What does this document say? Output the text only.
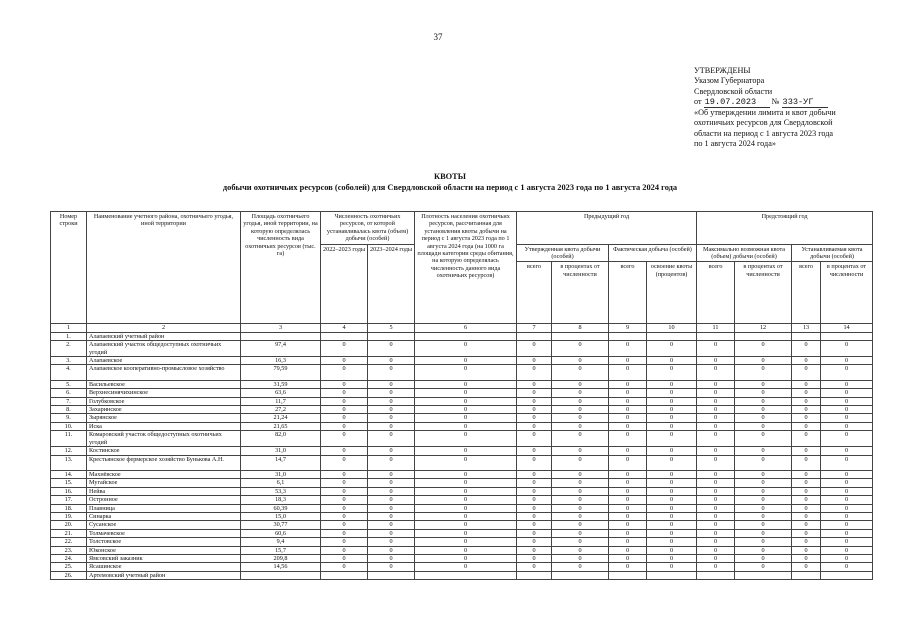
37
УТВЕРЖДЕНЫ
Указом Губернатора
Свердловской области
от 19.07.2023 № 333-УГ
«Об утверждении лимита и квот добычи
охотничьих ресурсов для Свердловской
области на период с 1 августа 2023 года
по 1 августа 2024 года»
КВОТЫ
добычи охотничьих ресурсов (соболей) для Свердловской области на период с 1 августа 2023 года по 1 августа 2024 года
Номер строки	Наименование учетного района, охотничьего угодья, иной территории	Площадь охотничьего угодья, иной территории, на которую определялась численность вида охотничьих ресурсов (тыс. га)	Численность охотничьих ресурсов, от которой устанавливалась квота (объем) добычи (особей)		Плотность населения охотничьих ресурсов, рассчитанная для установления квоты добычи на период с 1 августа 2023 года по 1 августа 2024 года (на 1000 га площади категории среды обитания, на которую определялась численность данного вида охотничьих ресурсов)	Предыдущий год				Предстоящий год			
			2022–2023 годы	2023–2024 годы		Утвержденная квота добычи (особей)		Фактическая добыча (особей)		Максимально возможная квота (объем) добычи (особей)		Устанавливаемая квота добычи (особей)	
						всего	в процентах от численности	всего	освоение квоты (процентов)	всего	в процентах от численности	всего	в процентах от численности
1	2	3	4	5	6	7	8	9	10	11	12	13	14
1.	Алапаевский учетный район												
2.	Алапаевский участок общедоступных охотничьих угодий	97,4	0	0	0	0	0	0	0	0	0	0	0
3.	Алапаевское	16,3	0	0	0	0	0	0	0	0	0	0	0
4.	Алапаевское кооперативно-промысловое хозяйство	79,59	0	0	0	0	0	0	0	0	0	0	0
5.	Васильевское	31,59	0	0	0	0	0	0	0	0	0	0	0
6.	Верхнесинячихинское	63,6	0	0	0	0	0	0	0	0	0	0	0
7.	Голубковское	11,7	0	0	0	0	0	0	0	0	0	0	0
8.	Захаринское	27,2	0	0	0	0	0	0	0	0	0	0	0
9.	Зырянское	21,24	0	0	0	0	0	0	0	0	0	0	0
10.	Иска	21,65	0	0	0	0	0	0	0	0	0	0	0
11.	Комаровский участок общедоступных охотничьих угодий	82,0	0	0	0	0	0	0	0	0	0	0	0
12.	Костинское	31,0	0	0	0	0	0	0	0	0	0	0	0
13.	Крестьянское фермерское хозяйство Бунькова А.Н.	14,7	0	0	0	0	0	0	0	0	0	0	0
14.	Махнёвское	31,0	0	0	0	0	0	0	0	0	0	0	0
15.	Мугайское	6,1	0	0	0	0	0	0	0	0	0	0	0
16.	Нейва	53,3	0	0	0	0	0	0	0	0	0	0	0
17.	Остронное	18,3	0	0	0	0	0	0	0	0	0	0	0
18.	Плавница	60,39	0	0	0	0	0	0	0	0	0	0	0
19.	Синарка	15,0	0	0	0	0	0	0	0	0	0	0	0
20.	Сусанское	30,77	0	0	0	0	0	0	0	0	0	0	0
21.	Толмачевское	60,6	0	0	0	0	0	0	0	0	0	0	0
22.	Толстовское	9,4	0	0	0	0	0	0	0	0	0	0	0
23.	Юконское	15,7	0	0	0	0	0	0	0	0	0	0	0
24.	Ямсовский заказник	209,8	0	0	0	0	0	0	0	0	0	0	0
25.	Ясашинское	14,56	0	0	0	0	0	0	0	0	0	0	0
26.	Артемовский учетный район												
